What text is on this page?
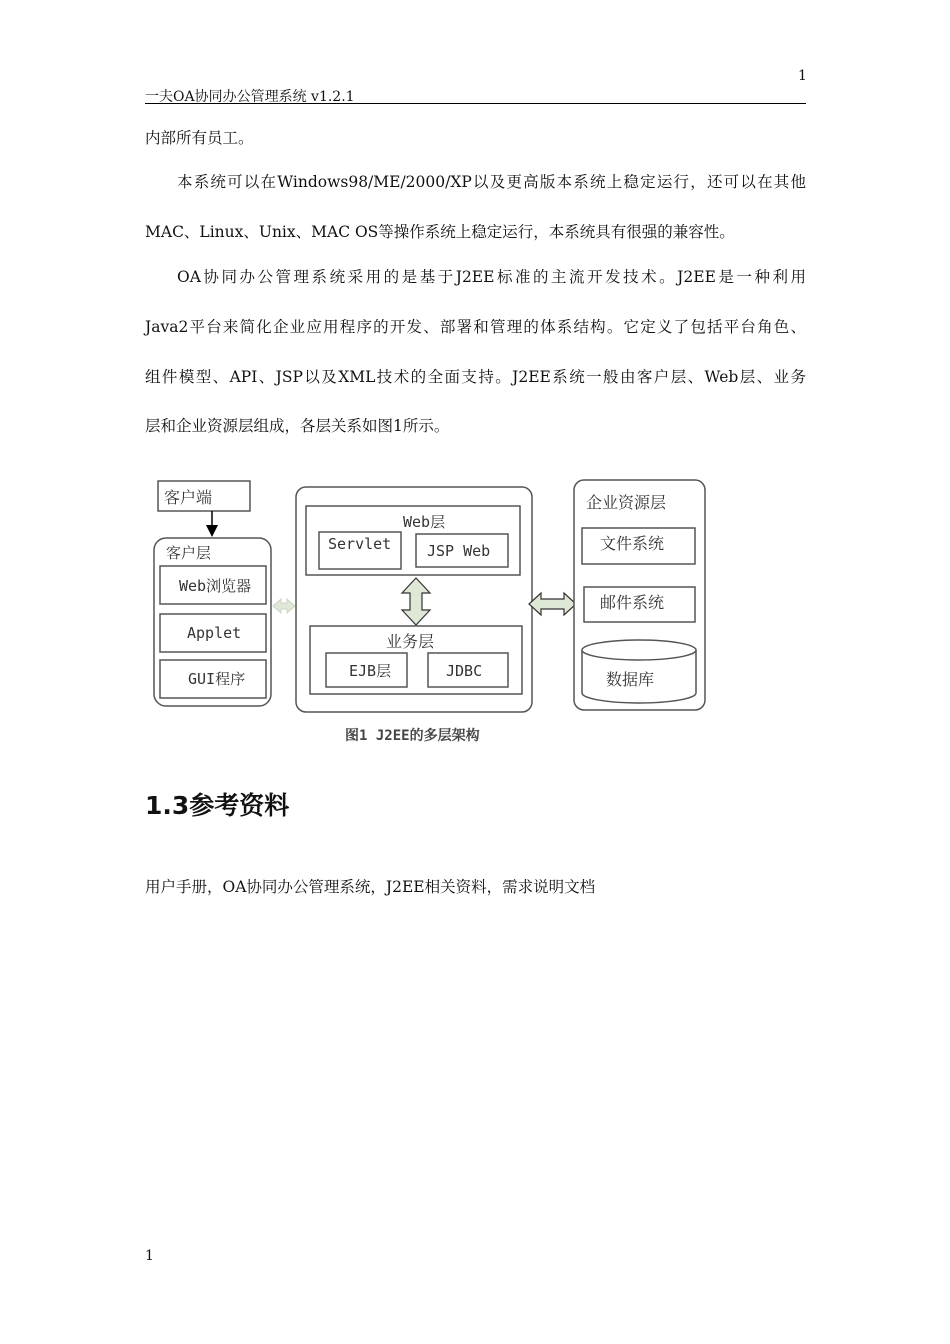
1
一夫OA协同办公管理系统 v1.2.1
内部所有员工。
本系统可以在Windows98/ME/2000/XP以及更高版本系统上稳定运行，还可以在其他
MAC、Linux、Unix、MAC OS等操作系统上稳定运行，本系统具有很强的兼容性。
OA协同办公管理系统采用的是基于J2EE标准的主流开发技术。J2EE是一种利用
Java2平台来简化企业应用程序的开发、部署和管理的体系结构。它定义了包括平台角色、
组件模型、API、JSP以及XML技术的全面支持。J2EE系统一般由客户层、Web层、业务
层和企业资源层组成，各层关系如图1所示。
客户端
客户层
Web浏览器
Applet
GUI程序
Web层
Servlet JSP Web
业务层
EJB层	JDBC
企业资源层
文件系统
邮件系统
数据库
图1 J2EE的多层架构
1.3参考资料
用户手册，OA协同办公管理系统，J2EE相关资料，需求说明文档
1
